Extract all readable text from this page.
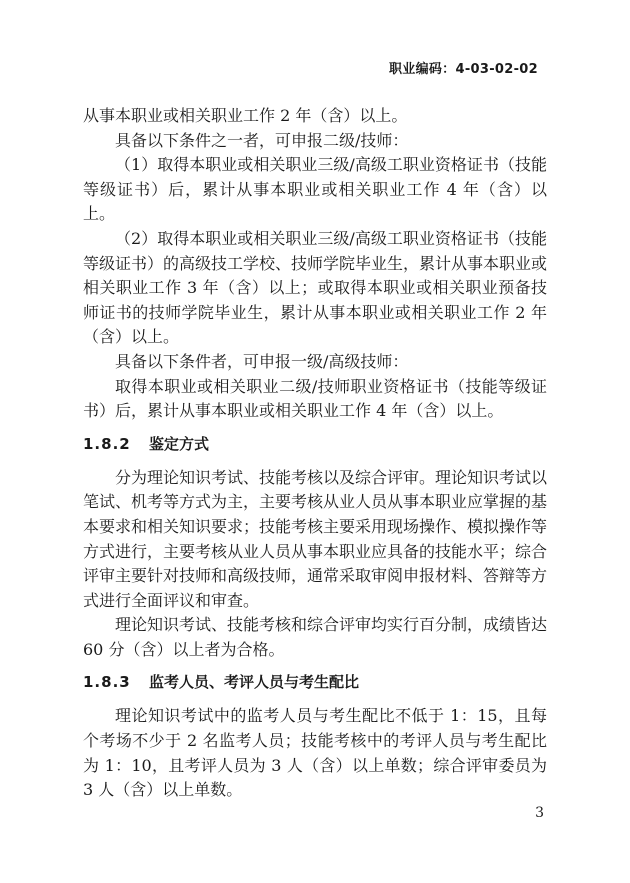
职业编码：4-03-02-02

从事本职业或相关职业工作 2 年（含）以上。

具备以下条件之一者，可申报二级/技师：

（1）取得本职业或相关职业三级/高级工职业资格证书（技能等级证书）后，累计从事本职业或相关职业工作 4 年（含）以上。

（2）取得本职业或相关职业三级/高级工职业资格证书（技能等级证书）的高级技工学校、技师学院毕业生，累计从事本职业或相关职业工作 3 年（含）以上；或取得本职业或相关职业预备技师证书的技师学院毕业生，累计从事本职业或相关职业工作 2 年（含）以上。

具备以下条件者，可申报一级/高级技师：

取得本职业或相关职业二级/技师职业资格证书（技能等级证书）后，累计从事本职业或相关职业工作 4 年（含）以上。

1.8.2 鉴定方式

分为理论知识考试、技能考核以及综合评审。理论知识考试以笔试、机考等方式为主，主要考核从业人员从事本职业应掌握的基本要求和相关知识要求；技能考核主要采用现场操作、模拟操作等方式进行，主要考核从业人员从事本职业应具备的技能水平；综合评审主要针对技师和高级技师，通常采取审阅申报材料、答辩等方式进行全面评议和审查。

理论知识考试、技能考核和综合评审均实行百分制，成绩皆达 60 分（含）以上者为合格。

1.8.3 监考人员、考评人员与考生配比

理论知识考试中的监考人员与考生配比不低于 1：15，且每个考场不少于 2 名监考人员；技能考核中的考评人员与考生配比为 1：10，且考评人员为 3 人（含）以上单数；综合评审委员为 3 人（含）以上单数。

3
